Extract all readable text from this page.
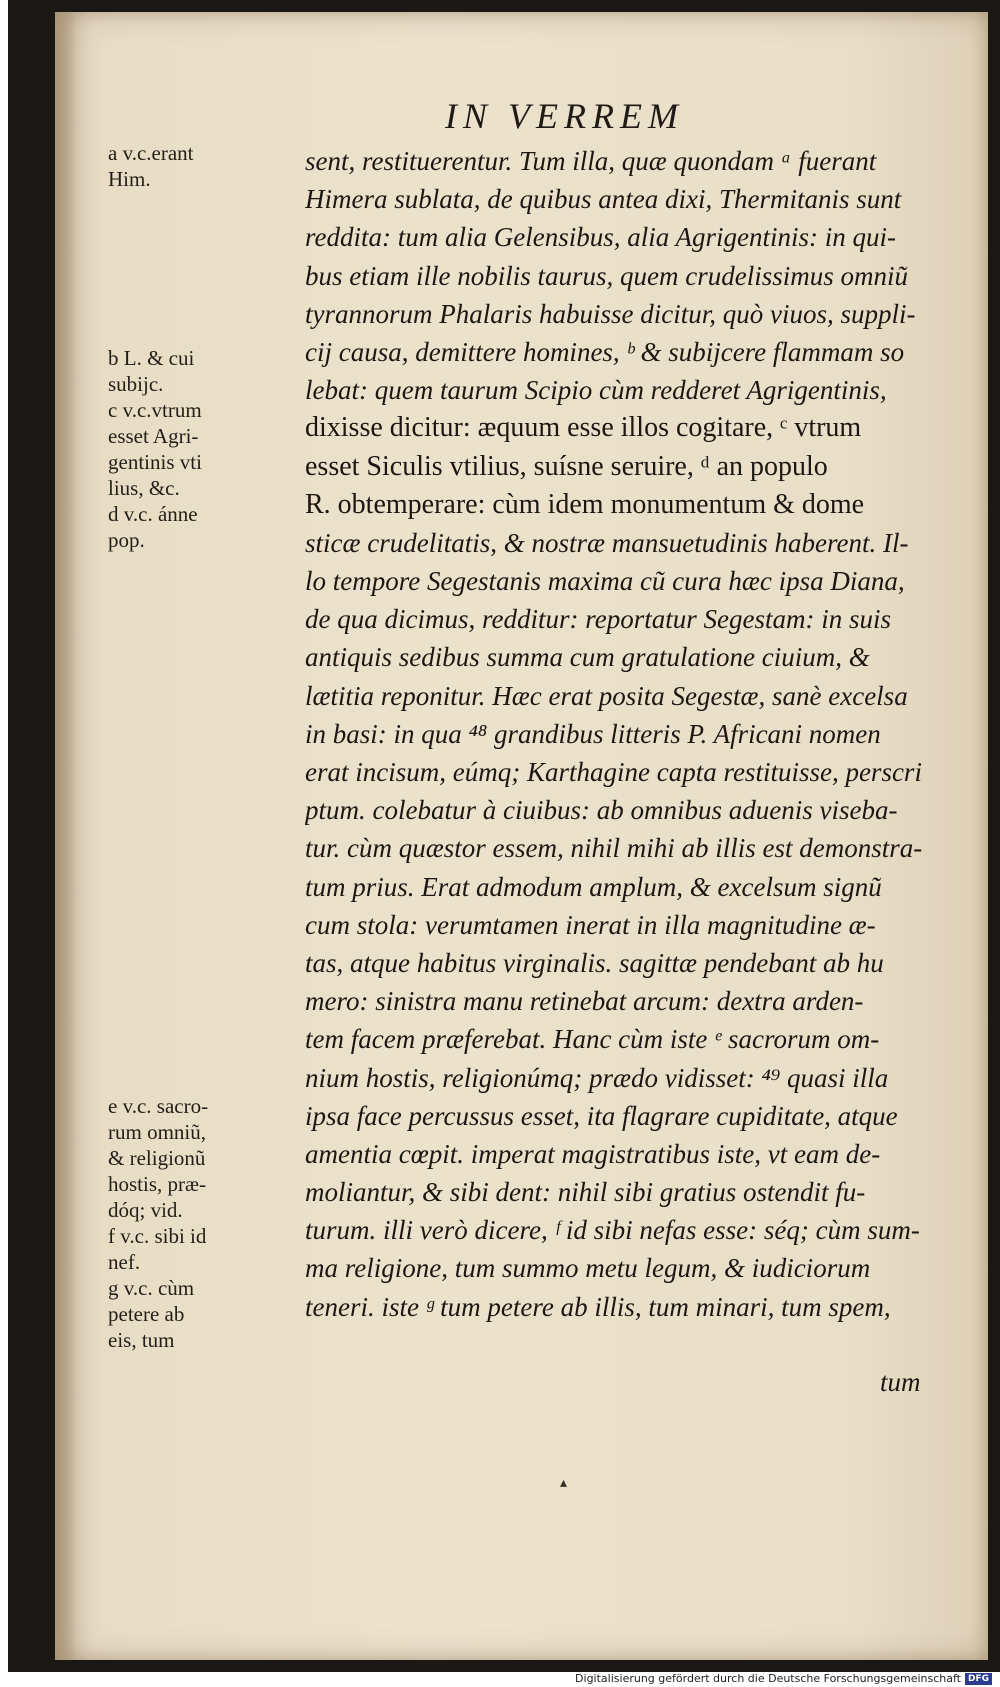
IN VERREM
a v.c.erant
Him.
b L. & cui
subijc.
c v.c.vtrum
esset Agri-
gentinis vti
lius, &c.
d v.c. ánne
pop.
e v.c. sacro-
rum omniũ,
& religionũ
hostis, præ-
dóq; vid.
f v.c. sibi id
nef.
g v.c. cùm
petere ab
eis, tum
sent, restituerentur. Tum illa, quæ quondam ᵃ fuerant
Himera sublata, de quibus antea dixi, Thermitanis sunt
reddita: tum alia Gelensibus, alia Agrigentinis: in qui-
bus etiam ille nobilis taurus, quem crudelissimus omniũ
tyrannorum Phalaris habuisse dicitur, quò viuos, suppli-
cij causa, demittere homines, ᵇ & subijcere flammam so
lebat: quem taurum Scipio cùm redderet Agrigentinis,
dixisse dicitur: æquum esse illos cogitare, ᶜ vtrum
esset Siculis vtilius, suísne seruire, ᵈ an populo
R. obtemperare: cùm idem monumentum & dome
sticæ crudelitatis, & nostræ mansuetudinis haberent. Il-
lo tempore Segestanis maxima cũ cura hæc ipsa Diana,
de qua dicimus, redditur: reportatur Segestam: in suis
antiquis sedibus summa cum gratulatione ciuium, &
lætitia reponitur. Hæc erat posita Segestæ, sanè excelsa
in basi: in qua ⁴⁸ grandibus litteris P. Africani nomen
erat incisum, eúmq; Karthagine capta restituisse, perscri
ptum. colebatur à ciuibus: ab omnibus aduenis viseba-
tur. cùm quæstor essem, nihil mihi ab illis est demonstra-
tum prius. Erat admodum amplum, & excelsum signũ
cum stola: verumtamen inerat in illa magnitudine æ-
tas, atque habitus virginalis. sagittæ pendebant ab hu
mero: sinistra manu retinebat arcum: dextra arden-
tem facem præferebat. Hanc cùm iste ᵉ sacrorum om-
nium hostis, religionúmq; prædo vidisset: ⁴⁹ quasi illa
ipsa face percussus esset, ita flagrare cupiditate, atque
amentia cœpit. imperat magistratibus iste, vt eam de-
moliantur, & sibi dent: nihil sibi gratius ostendit fu-
turum. illi verò dicere, ᶠ id sibi nefas esse: séq; cùm sum-
ma religione, tum summo metu legum, & iudiciorum
teneri. iste ᵍ tum petere ab illis, tum minari, tum spem,
tum
▴
Digitalisierung gefördert durch die Deutsche Forschungsgemeinschaft DFG
